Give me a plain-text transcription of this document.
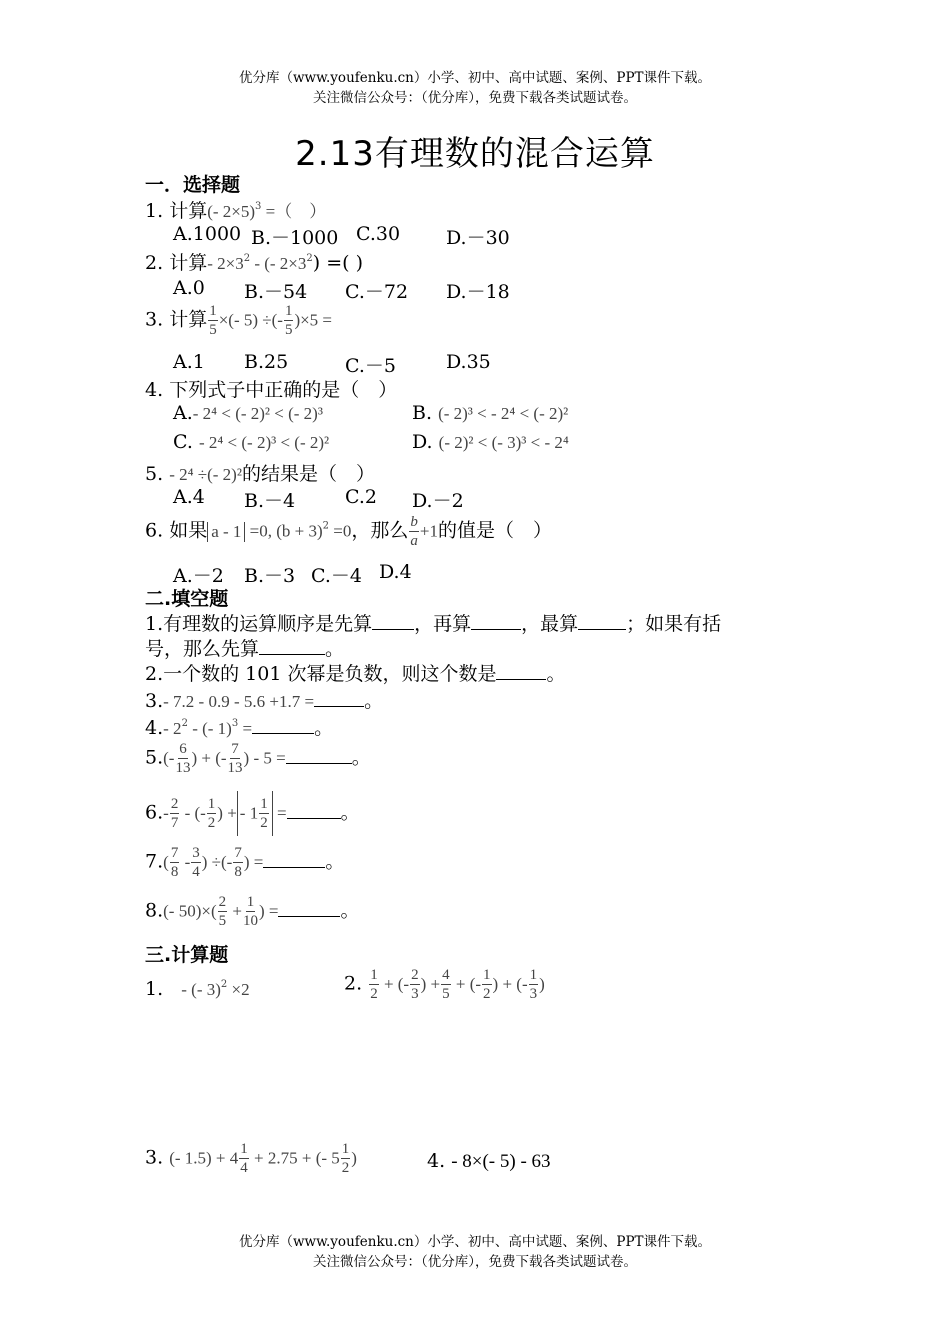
优分库（www.youfenku.cn）小学、初中、高中试题、案例、PPT课件下载。
关注微信公众号：（优分库），免费下载各类试题试卷。
2.13有理数的混合运算
一．选择题
1. 计算(- 2×5)$^3$ =（　）
A.1000 B.－1000 C.30 D.－30
2. 计算- $2\times 3^2$ - (- $2\times 3^2$) =( )
A.0 B.－54 C.－72 D.－18
3. 计算 $\frac{1}{5}$ ×(- 5) ÷(- $\frac{1}{5} )\times 5$ =
A.1 B.25	C.－5	D.35
4. 下列式子中正确的是（　）
A.- 2⁴ < (- 2)² < (- 2)³	B. (- 2)³ < - 2⁴ < (- 2)²
C. - 2⁴ < (- 2)³ < (- 2)²	D. (- 2)² < (- 3)³ < - 2⁴
5. - 2⁴ ÷(- 2)²的结果是（　）
A.4 B.－4	C.2 D.－2
6. 如果 a - 1 =0, $(b + 3)^2 =0$，那么 $\frac{b}{a} +1$的值是（　）
A.－2 B.－3 C.－4 D.4
二.填空题
1.有理数的运算顺序是先算 ，再算	，最算	；如果有括
号，那么先算	。
2.一个数的 101 次幂是负数，则这个数是	。
3.- 7.2 - 0.9 - 5.6 +1.7 =	。
4.- $2^2$ - (- 1)$^3$ =	。
$5.(- \frac{6}{13}$ ) + (- $\frac{7}{13}$ ) - 5 =	。
$6.- \frac{2}{7}$ - (- $\frac{1}{2}$ ) + - $1 \frac{1}{2}$ =	。
$7.( \frac{7}{8} - \frac{3}{4}$ ) ÷(- $\frac{7}{8}$ ) =	。
8.(- $50)\times( \frac{2}{5} + \frac{1}{10}$ ) =	。
三.计算题
1. - (- 3)$^2$ ×2	2. $\frac{1}{2}$ + (- $\frac{2}{3}$ ) + $\frac{4}{5}$ + (- $\frac{1}{2}$ ) + (- $\frac{1}{3}$ )
3. (- $1.5) + 4 \frac{1}{4} + 2.75$ + (- $5 \frac{1}{2}$ )	4. - 8×(- 5) - 63
优分库（www.youfenku.cn）小学、初中、高中试题、案例、PPT课件下载。
关注微信公众号：（优分库），免费下载各类试题试卷。
